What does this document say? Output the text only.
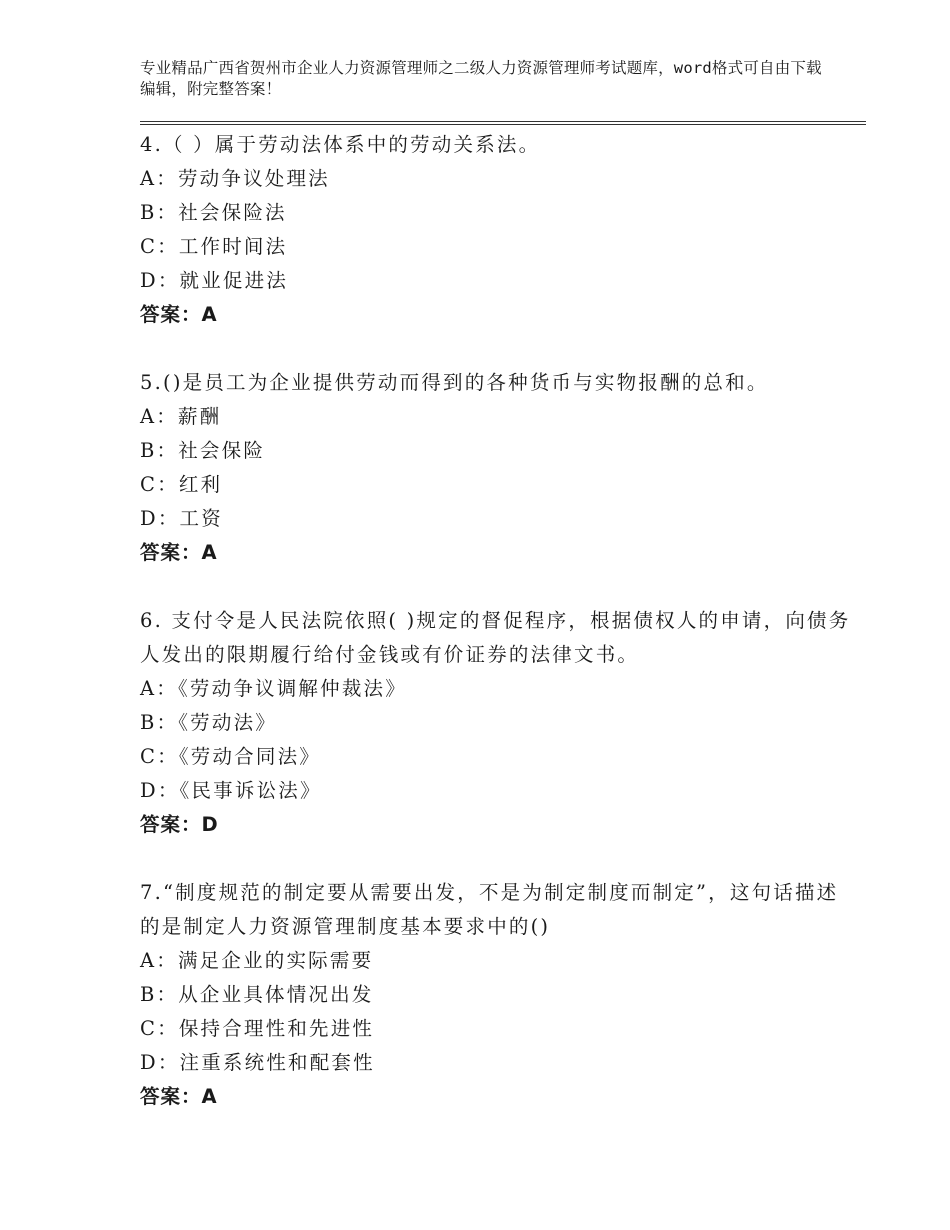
专业精品广西省贺州市企业人力资源管理师之二级人力资源管理师考试题库，word格式可自由下载编辑，附完整答案！
4.（ ）属于劳动法体系中的劳动关系法。
A：劳动争议处理法
B：社会保险法
C：工作时间法
D：就业促进法
答案：A
5.()是员工为企业提供劳动而得到的各种货币与实物报酬的总和。
A：薪酬
B：社会保险
C：红利
D：工资
答案：A
6. 支付令是人民法院依照( )规定的督促程序，根据债权人的申请，向债务人发出的限期履行给付金钱或有价证券的法律文书。
A：《劳动争议调解仲裁法》
B：《劳动法》
C：《劳动合同法》
D：《民事诉讼法》
答案：D
7.“制度规范的制定要从需要出发，不是为制定制度而制定”，这句话描述的是制定人力资源管理制度基本要求中的()
A：满足企业的实际需要
B：从企业具体情况出发
C：保持合理性和先进性
D：注重系统性和配套性
答案：A
